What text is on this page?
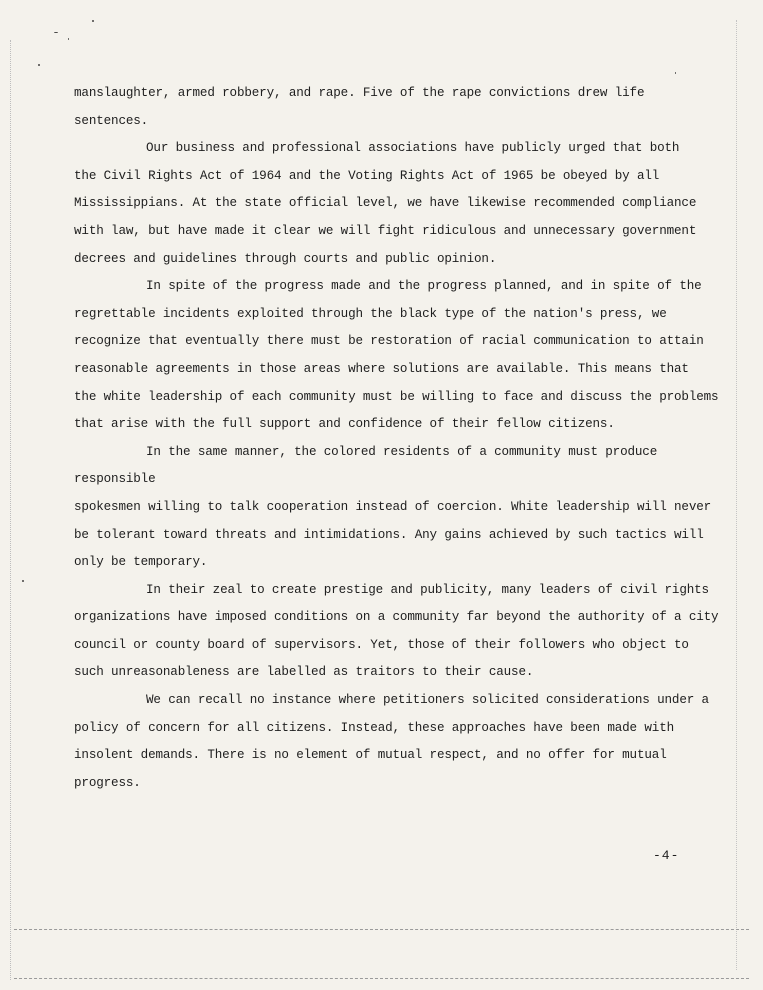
manslaughter, armed robbery, and rape. Five of the rape convictions drew life

sentences.

Our business and professional associations have publicly urged that both

the Civil Rights Act of 1964 and the Voting Rights Act of 1965 be obeyed by all

Mississippians. At the state official level, we have likewise recommended compliance

with law, but have made it clear we will fight ridiculous and unnecessary government

decrees and guidelines through courts and public opinion.

In spite of the progress made and the progress planned, and in spite of the

regrettable incidents exploited through the black type of the nation's press, we

recognize that eventually there must be restoration of racial communication to attain

reasonable agreements in those areas where solutions are available. This means that

the white leadership of each community must be willing to face and discuss the problems

that arise with the full support and confidence of their fellow citizens.

In the same manner, the colored residents of a community must produce responsible

spokesmen willing to talk cooperation instead of coercion. White leadership will never

be tolerant toward threats and intimidations. Any gains achieved by such tactics will

only be temporary.

In their zeal to create prestige and publicity, many leaders of civil rights

organizations have imposed conditions on a community far beyond the authority of a city

council or county board of supervisors. Yet, those of their followers who object to

such unreasonableness are labelled as traitors to their cause.

We can recall no instance where petitioners solicited considerations under a

policy of concern for all citizens. Instead, these approaches have been made with

insolent demands. There is no element of mutual respect, and no offer for mutual

progress.

-4-
